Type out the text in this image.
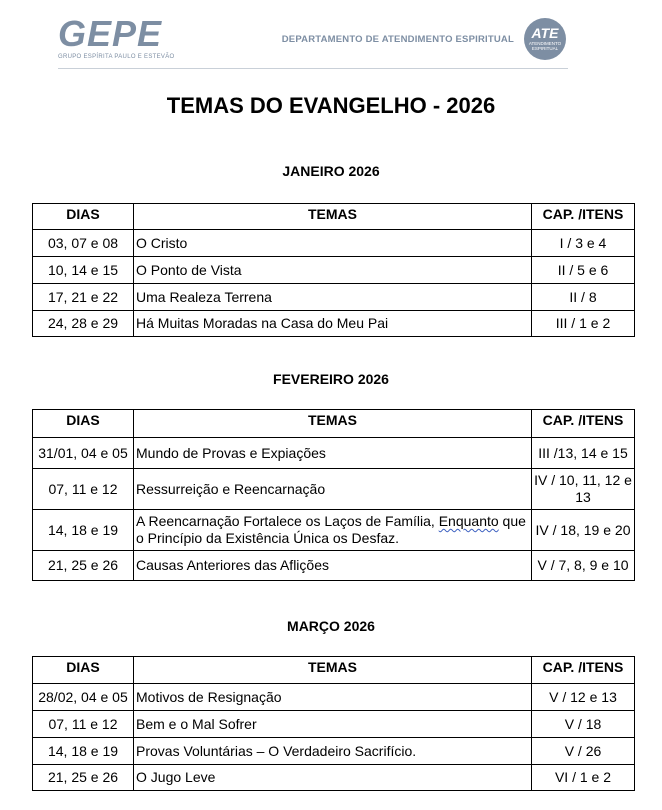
GEPE
GRUPO ESPÍRITA PAULO E ESTEVÃO
DEPARTAMENTO DE ATENDIMENTO ESPIRITUAL	ATE
ATENDIMENTO ESPIRITUAL
TEMAS DO EVANGELHO - 2026
JANEIRO 2026
DIAS	TEMAS	CAP. /ITENS
03, 07 e 08	O Cristo	I / 3 e 4
10, 14 e 15	O Ponto de Vista	II / 5 e 6
17, 21 e 22	Uma Realeza Terrena	II / 8
24, 28 e 29	Há Muitas Moradas na Casa do Meu Pai	III / 1 e 2
FEVEREIRO 2026
DIAS	TEMAS	CAP. /ITENS
31/01, 04 e 05	Mundo de Provas e Expiações	III /13, 14 e 15
07, 11 e 12	Ressurreição e Reencarnação	IV / 10, 11, 12 e 13
14, 18 e 19	A Reencarnação Fortalece os Laços de Família, Enquanto que o Princípio da Existência Única os Desfaz.	IV / 18, 19 e 20
21, 25 e 26	Causas Anteriores das Aflições	V / 7, 8, 9 e 10
MARÇO 2026
DIAS	TEMAS	CAP. /ITENS
28/02, 04 e 05	Motivos de Resignação	V / 12 e 13
07, 11 e 12	Bem e o Mal Sofrer	V / 18
14, 18 e 19	Provas Voluntárias – O Verdadeiro Sacrifício.	V / 26
21, 25 e 26	O Jugo Leve	VI / 1 e 2
